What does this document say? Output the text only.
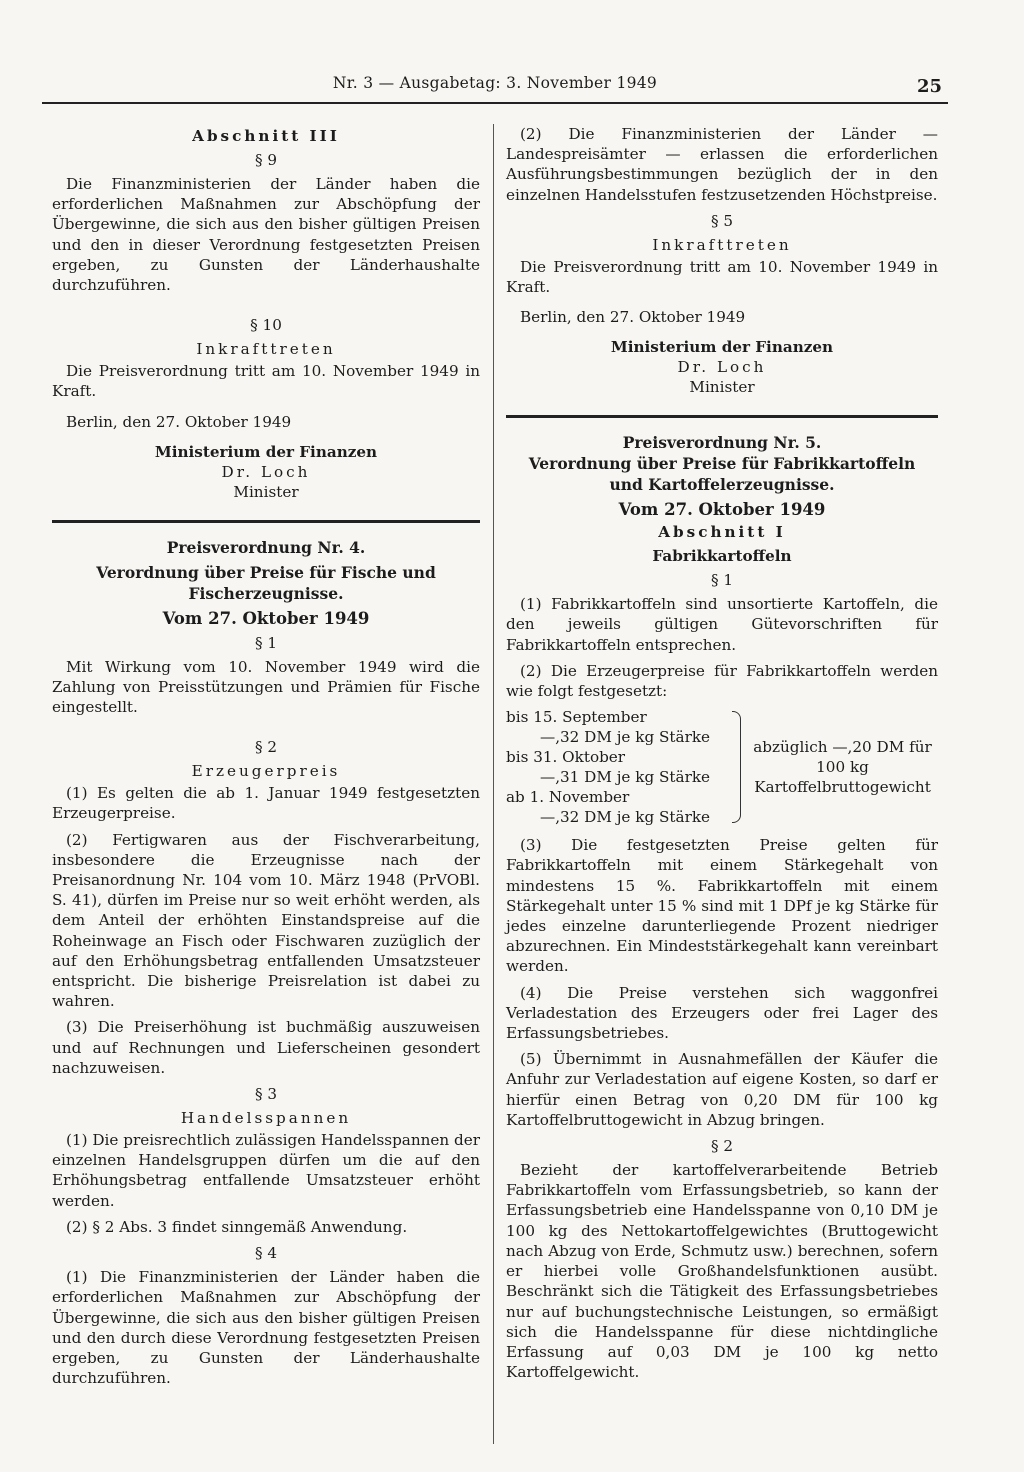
Nr. 3 — Ausgabetag: 3. November 1949	25
Abschnitt III
§ 9

Die Finanzministerien der Länder haben die erforderlichen Maßnahmen zur Abschöpfung der Übergewinne, die sich aus den bisher gültigen Preisen und den in dieser Verordnung festgesetzten Preisen ergeben, zu Gunsten der Länderhaushalte durchzuführen.

§ 10
Inkrafttreten

Die Preisverordnung tritt am 10. November 1949 in Kraft.

Berlin, den 27. Oktober 1949
Ministerium der Finanzen
Dr. Loch
Minister
Preisverordnung Nr. 4.
Verordnung über Preise für Fische und Fischerzeugnisse.
Vom 27. Oktober 1949
§ 1

Mit Wirkung vom 10. November 1949 wird die Zahlung von Preisstützungen und Prämien für Fische eingestellt.

§ 2
Erzeugerpreis

(1) Es gelten die ab 1. Januar 1949 festgesetzten Erzeugerpreise.

(2) Fertigwaren aus der Fischverarbeitung, insbesondere die Erzeugnisse nach der Preisanordnung Nr. 104 vom 10. März 1948 (PrVOBl. S. 41), dürfen im Preise nur so weit erhöht werden, als dem Anteil der erhöhten Einstandspreise auf die Roheinwage an Fisch oder Fischwaren zuzüglich der auf den Erhöhungsbetrag entfallenden Umsatzsteuer entspricht. Die bisherige Preisrelation ist dabei zu wahren.

(3) Die Preiserhöhung ist buchmäßig auszuweisen und auf Rechnungen und Lieferscheinen gesondert nachzuweisen.

§ 3
Handelsspannen

(1) Die preisrechtlich zulässigen Handelsspannen der einzelnen Handelsgruppen dürfen um die auf den Erhöhungsbetrag entfallende Umsatzsteuer erhöht werden.

(2) § 2 Abs. 3 findet sinngemäß Anwendung.

§ 4

(1) Die Finanzministerien der Länder haben die erforderlichen Maßnahmen zur Abschöpfung der Übergewinne, die sich aus den bisher gültigen Preisen und den durch diese Verordnung festgesetzten Preisen ergeben, zu Gunsten der Länderhaushalte durchzuführen.

(2) Die Finanzministerien der Länder — Landespreisämter — erlassen die erforderlichen Ausführungsbestimmungen bezüglich der in den einzelnen Handelsstufen festzusetzenden Höchstpreise.

§ 5
Inkrafttreten

Die Preisverordnung tritt am 10. November 1949 in Kraft.

Berlin, den 27. Oktober 1949
Ministerium der Finanzen
Dr. Loch
Minister
Preisverordnung Nr. 5.
Verordnung über Preise für Fabrikkartoffeln und Kartoffelerzeugnisse.
Vom 27. Oktober 1949
Abschnitt I
Fabrikkartoffeln
§ 1

(1) Fabrikkartoffeln sind unsortierte Kartoffeln, die den jeweils gültigen Gütevorschriften für Fabrikkartoffeln entsprechen.

(2) Die Erzeugerpreise für Fabrikkartoffeln werden wie folgt festgesetzt:

bis 15. September
—,32 DM je kg Stärke
bis 31. Oktober
—,31 DM je kg Stärke
ab 1. November
—,32 DM je kg Stärke
abzüglich —,20 DM für 100 kg Kartoffelbruttogewicht

(3) Die festgesetzten Preise gelten für Fabrikkartoffeln mit einem Stärkegehalt von mindestens 15 %. Fabrikkartoffeln mit einem Stärkegehalt unter 15 % sind mit 1 DPf je kg Stärke für jedes einzelne darunterliegende Prozent niedriger abzurechnen. Ein Mindeststärkegehalt kann vereinbart werden.

(4) Die Preise verstehen sich waggonfrei Verladestation des Erzeugers oder frei Lager des Erfassungsbetriebes.

(5) Übernimmt in Ausnahmefällen der Käufer die Anfuhr zur Verladestation auf eigene Kosten, so darf er hierfür einen Betrag von 0,20 DM für 100 kg Kartoffelbruttogewicht in Abzug bringen.

§ 2

Bezieht der kartoffelverarbeitende Betrieb Fabrikkartoffeln vom Erfassungsbetrieb, so kann der Erfassungsbetrieb eine Handelsspanne von 0,10 DM je 100 kg des Nettokartoffelgewichtes (Bruttogewicht nach Abzug von Erde, Schmutz usw.) berechnen, sofern er hierbei volle Großhandelsfunktionen ausübt. Beschränkt sich die Tätigkeit des Erfassungsbetriebes nur auf buchungstechnische Leistungen, so ermäßigt sich die Handelsspanne für diese nichtdingliche Erfassung auf 0,03 DM je 100 kg netto Kartoffelgewicht.
